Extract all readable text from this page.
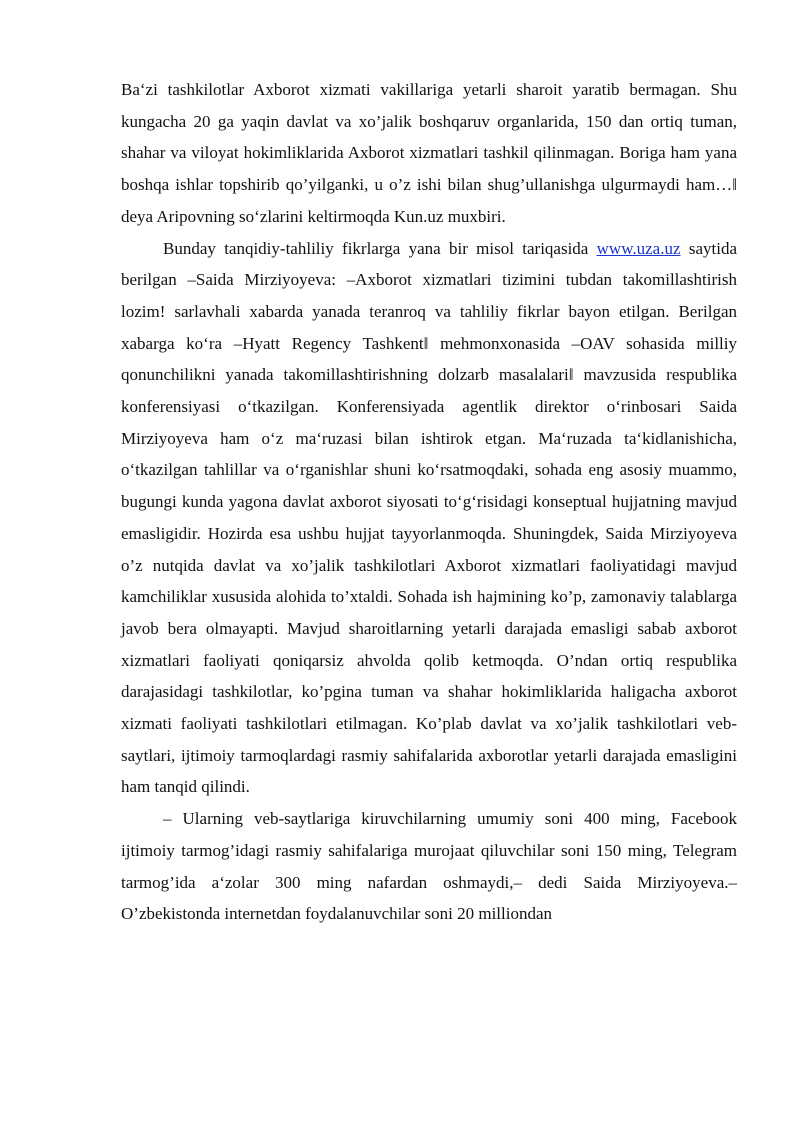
Ba‘zi tashkilotlar Axborot xizmati vakillariga yetarli sharoit yaratib bermagan. Shu kungacha 20 ga yaqin davlat va xo’jalik boshqaruv organlarida, 150 dan ortiq tuman, shahar va viloyat hokimliklarida Axborot xizmatlari tashkil qilinmagan. Boriga ham yana boshqa ishlar topshirib qo’yilganki, u o’z ishi bilan shug’ullanishga ulgurmaydi ham…‖ deya Aripovning so‘zlarini keltirmoqda Kun.uz muxbiri.

Bunday tanqidiy-tahliliy fikrlarga yana bir misol tariqasida www.uza.uz saytida berilgan –Saida Mirziyoyeva: –Axborot xizmatlari tizimini tubdan takomillashtirish lozim! sarlavhali xabarda yanada teranroq va tahliliy fikrlar bayon etilgan. Berilgan xabarga ko‘ra –Hyatt Regency Tashkent‖ mehmonxonasida –OAV sohasida milliy qonunchilikni yanada takomillashtirishning dolzarb masalalari‖ mavzusida respublika konferensiyasi o‘tkazilgan. Konferensiyada agentlik direktor o‘rinbosari Saida Mirziyoyeva ham o‘z ma‘ruzasi bilan ishtirok etgan. Ma‘ruzada ta‘kidlanishicha, o‘tkazilgan tahlillar va o‘rganishlar shuni ko‘rsatmoqdaki, sohada eng asosiy muammo, bugungi kunda yagona davlat axborot siyosati to‘g‘risidagi konseptual hujjatning mavjud emasligidir. Hozirda esa ushbu hujjat tayyorlanmoqda. Shuningdek, Saida Mirziyoyeva o’z nutqida davlat va xo’jalik tashkilotlari Axborot xizmatlari faoliyatidagi mavjud kamchiliklar xususida alohida to’xtaldi. Sohada ish hajmining ko’p, zamonaviy talablarga javob bera olmayapti. Mavjud sharoitlarning yetarli darajada emasligi sabab axborot xizmatlari faoliyati qoniqarsiz ahvolda qolib ketmoqda. O’ndan ortiq respublika darajasidagi tashkilotlar, ko’pgina tuman va shahar hokimliklarida haligacha axborot xizmati faoliyati tashkilotlari etilmagan. Ko’plab davlat va xo’jalik tashkilotlari veb-saytlari, ijtimoiy tarmoqlardagi rasmiy sahifalarida axborotlar yetarli darajada emasligini ham tanqid qilindi.

– Ularning veb-saytlariga kiruvchilarning umumiy soni 400 ming, Facebook ijtimoiy tarmog’idagi rasmiy sahifalariga murojaat qiluvchilar soni 150 ming, Telegram tarmog’ida a‘zolar 300 ming nafardan oshmaydi,– dedi Saida Mirziyoyeva.– O’zbekistonda internetdan foydalanuvchilar soni 20 milliondan
